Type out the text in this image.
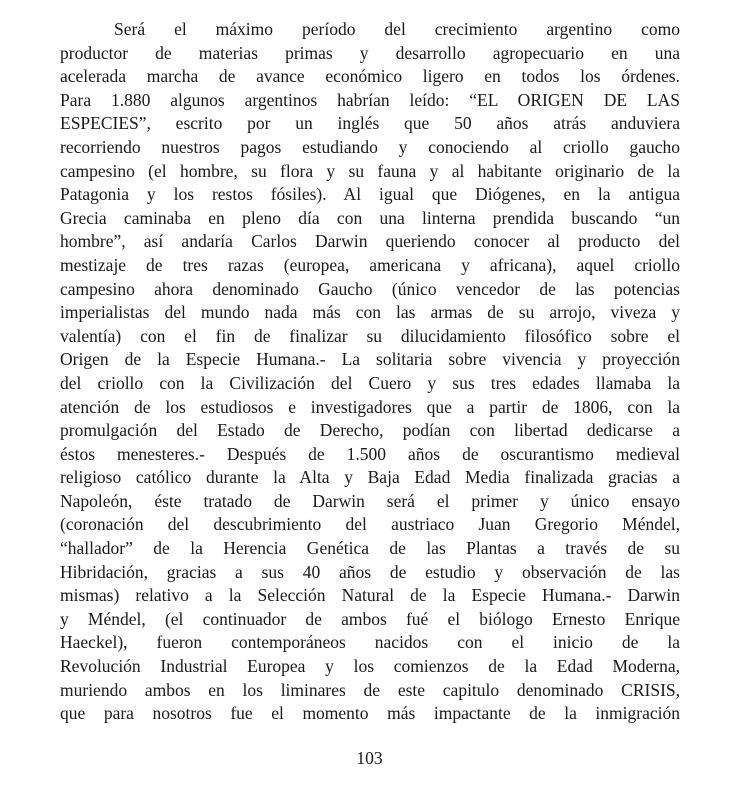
Será el máximo período del crecimiento argentino como
productor de materias primas y desarrollo agropecuario en una
acelerada marcha de avance económico ligero en todos los órdenes.
Para 1.880 algunos argentinos habrían leído: “EL ORIGEN DE LAS
ESPECIES”, escrito por un inglés que 50 años atrás anduviera
recorriendo nuestros pagos estudiando y conociendo al criollo gaucho
campesino (el hombre, su flora y su fauna y al habitante originario de la
Patagonia y los restos fósiles). Al igual que Diógenes, en la antigua
Grecia caminaba en pleno día con una linterna prendida buscando “un
hombre”, así andaría Carlos Darwin queriendo conocer al producto del
mestizaje de tres razas (europea, americana y africana), aquel criollo
campesino ahora denominado Gaucho (único vencedor de las potencias
imperialistas del mundo nada más con las armas de su arrojo, viveza y
valentía) con el fin de finalizar su dilucidamiento filosófico sobre el
Origen de la Especie Humana.- La solitaria sobre vivencia y proyección
del criollo con la Civilización del Cuero y sus tres edades llamaba la
atención de los estudiosos e investigadores que a partir de 1806, con la
promulgación del Estado de Derecho, podían con libertad dedicarse a
éstos menesteres.- Después de 1.500 años de oscurantismo medieval
religioso católico durante la Alta y Baja Edad Media finalizada gracias a
Napoleón, éste tratado de Darwin será el primer y único ensayo
(coronación del descubrimiento del austriaco Juan Gregorio Méndel,
“hallador” de la Herencia Genética de las Plantas a través de su
Hibridación, gracias a sus 40 años de estudio y observación de las
mismas) relativo a la Selección Natural de la Especie Humana.- Darwin
y Méndel, (el continuador de ambos fué el biólogo Ernesto Enrique
Haeckel), fueron contemporáneos nacidos con el inicio de la
Revolución Industrial Europea y los comienzos de la Edad Moderna,
muriendo ambos en los liminares de este capitulo denominado CRISIS,
que para nosotros fue el momento más impactante de la inmigración

103
